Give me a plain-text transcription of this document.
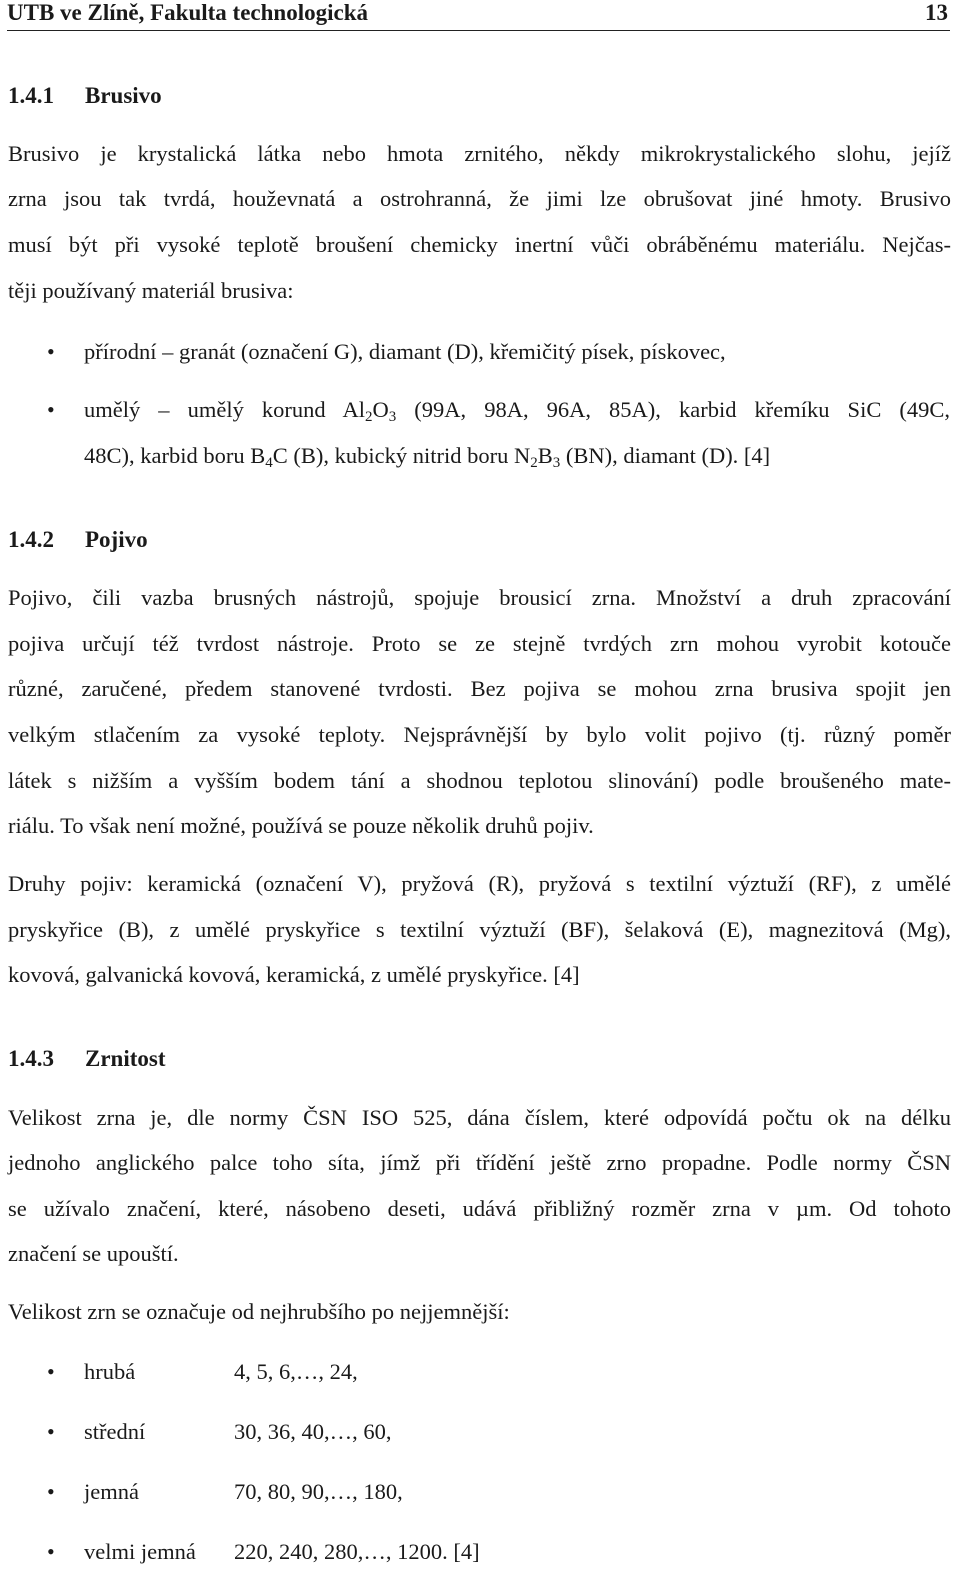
UTB ve Zlíně, Fakulta technologická	13
1.4.1 Brusivo
Brusivo je krystalická látka nebo hmota zrnitého, někdy mikrokrystalického slohu, jejíž
zrna jsou tak tvrdá, houževnatá a ostrohranná, že jimi lze obrušovat jiné hmoty. Brusivo
musí být při vysoké teplotě broušení chemicky inertní vůči obráběnému materiálu. Nejčas-
těji používaný materiál brusiva:
• přírodní – granát (označení G), diamant (D), křemičitý písek, pískovec,
• umělý – umělý korund $Al_2O_3$ (99A, 98A, 96A, 85A), karbid křemíku SiC (49C,
48C), karbid boru $B_4C$ (B), kubický nitrid boru $N_2B_3$ (BN), diamant (D). [4]
1.4.2 Pojivo
Pojivo, čili vazba brusných nástrojů, spojuje brousicí zrna. Množství a druh zpracování
pojiva určují též tvrdost nástroje. Proto se ze stejně tvrdých zrn mohou vyrobit kotouče
různé, zaručené, předem stanovené tvrdosti. Bez pojiva se mohou zrna brusiva spojit jen
velkým stlačením za vysoké teploty. Nejsprávnější by bylo volit pojivo (tj. různý poměr
látek s nižším a vyšším bodem tání a shodnou teplotou slinování) podle broušeného mate-
riálu. To však není možné, používá se pouze několik druhů pojiv.
Druhy pojiv: keramická (označení V), pryžová (R), pryžová s textilní výztuží (RF), z umělé
pryskyřice (B), z umělé pryskyřice s textilní výztuží (BF), šelaková (E), magnezitová (Mg),
kovová, galvanická kovová, keramická, z umělé pryskyřice. [4]
1.4.3 Zrnitost
Velikost zrna je, dle normy ČSN ISO 525, dána číslem, které odpovídá počtu ok na délku
jednoho anglického palce toho síta, jímž při třídění ještě zrno propadne. Podle normy ČSN
se užívalo značení, které, násobeno deseti, udává přibližný rozměr zrna v µm. Od tohoto
značení se upouští.
Velikost zrn se označuje od nejhrubšího po nejjemnější:
• hrubá	4, 5, 6,…, 24,
• střední	30, 36, 40,…, 60,
• jemná	70, 80, 90,…, 180,
• velmi jemná 220, 240, 280,…, 1200. [4]
